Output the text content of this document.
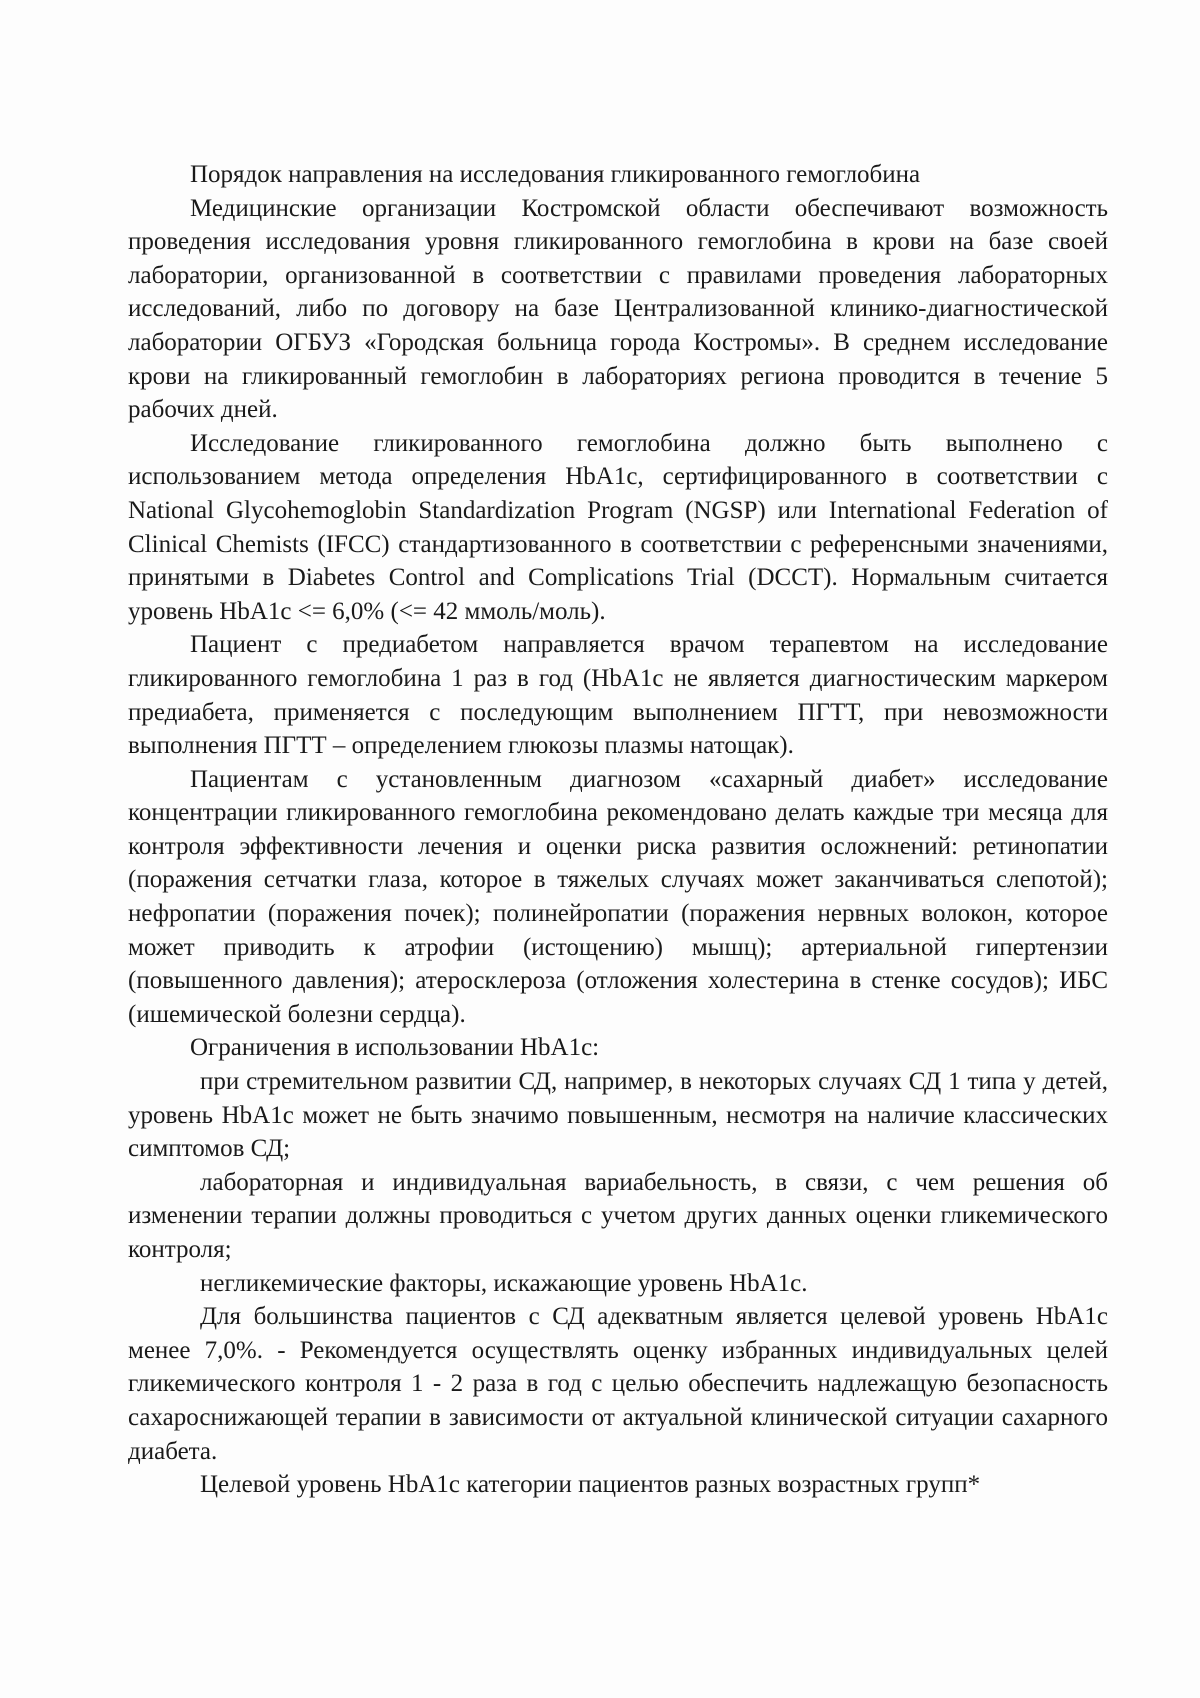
Порядок направления на исследования гликированного гемоглобина

Медицинские организации Костромской области обеспечивают возможность проведения исследования уровня гликированного гемоглобина в крови на базе своей лаборатории, организованной в соответствии с правилами проведения лабораторных исследований, либо по договору на базе Централизованной клинико-диагностической лаборатории ОГБУЗ «Городская больница города Костромы». В среднем исследование крови на гликированный гемоглобин в лабораториях региона проводится в течение 5 рабочих дней.

Исследование гликированного гемоглобина должно быть выполнено с использованием метода определения HbA1c, сертифицированного в соответствии с National Glycohemoglobin Standardization Program (NGSP) или International Federation of Clinical Chemists (IFCC) стандартизованного в соответствии с референсными значениями, принятыми в Diabetes Control and Complications Trial (DCCT). Нормальным считается уровень HbA1c <= 6,0% (<= 42 ммоль/моль).

Пациент с предиабетом направляется врачом терапевтом на исследование гликированного гемоглобина 1 раз в год (HbA1c не является диагностическим маркером предиабета, применяется с последующим выполнением ПГТТ, при невозможности выполнения ПГТТ – определением глюкозы плазмы натощак).

Пациентам с установленным диагнозом «сахарный диабет» исследование концентрации гликированного гемоглобина рекомендовано делать каждые три месяца для контроля эффективности лечения и оценки риска развития осложнений: ретинопатии (поражения сетчатки глаза, которое в тяжелых случаях может заканчиваться слепотой); нефропатии (поражения почек); полинейропатии (поражения нервных волокон, которое может приводить к атрофии (истощению) мышц); артериальной гипертензии (повышенного давления); атеросклероза (отложения холестерина в стенке сосудов); ИБС (ишемической болезни сердца).

Ограничения в использовании HbA1c:

при стремительном развитии СД, например, в некоторых случаях СД 1 типа у детей, уровень HbA1c может не быть значимо повышенным, несмотря на наличие классических симптомов СД;

лабораторная и индивидуальная вариабельность, в связи, с чем решения об изменении терапии должны проводиться с учетом других данных оценки гликемического контроля;

негликемические факторы, искажающие уровень HbA1c.

Для большинства пациентов с СД адекватным является целевой уровень HbA1c менее 7,0%. - Рекомендуется осуществлять оценку избранных индивидуальных целей гликемического контроля 1 - 2 раза в год с целью обеспечить надлежащую безопасность сахароснижающей терапии в зависимости от актуальной клинической ситуации сахарного диабета.

Целевой уровень HbA1c категории пациентов разных возрастных групп*
